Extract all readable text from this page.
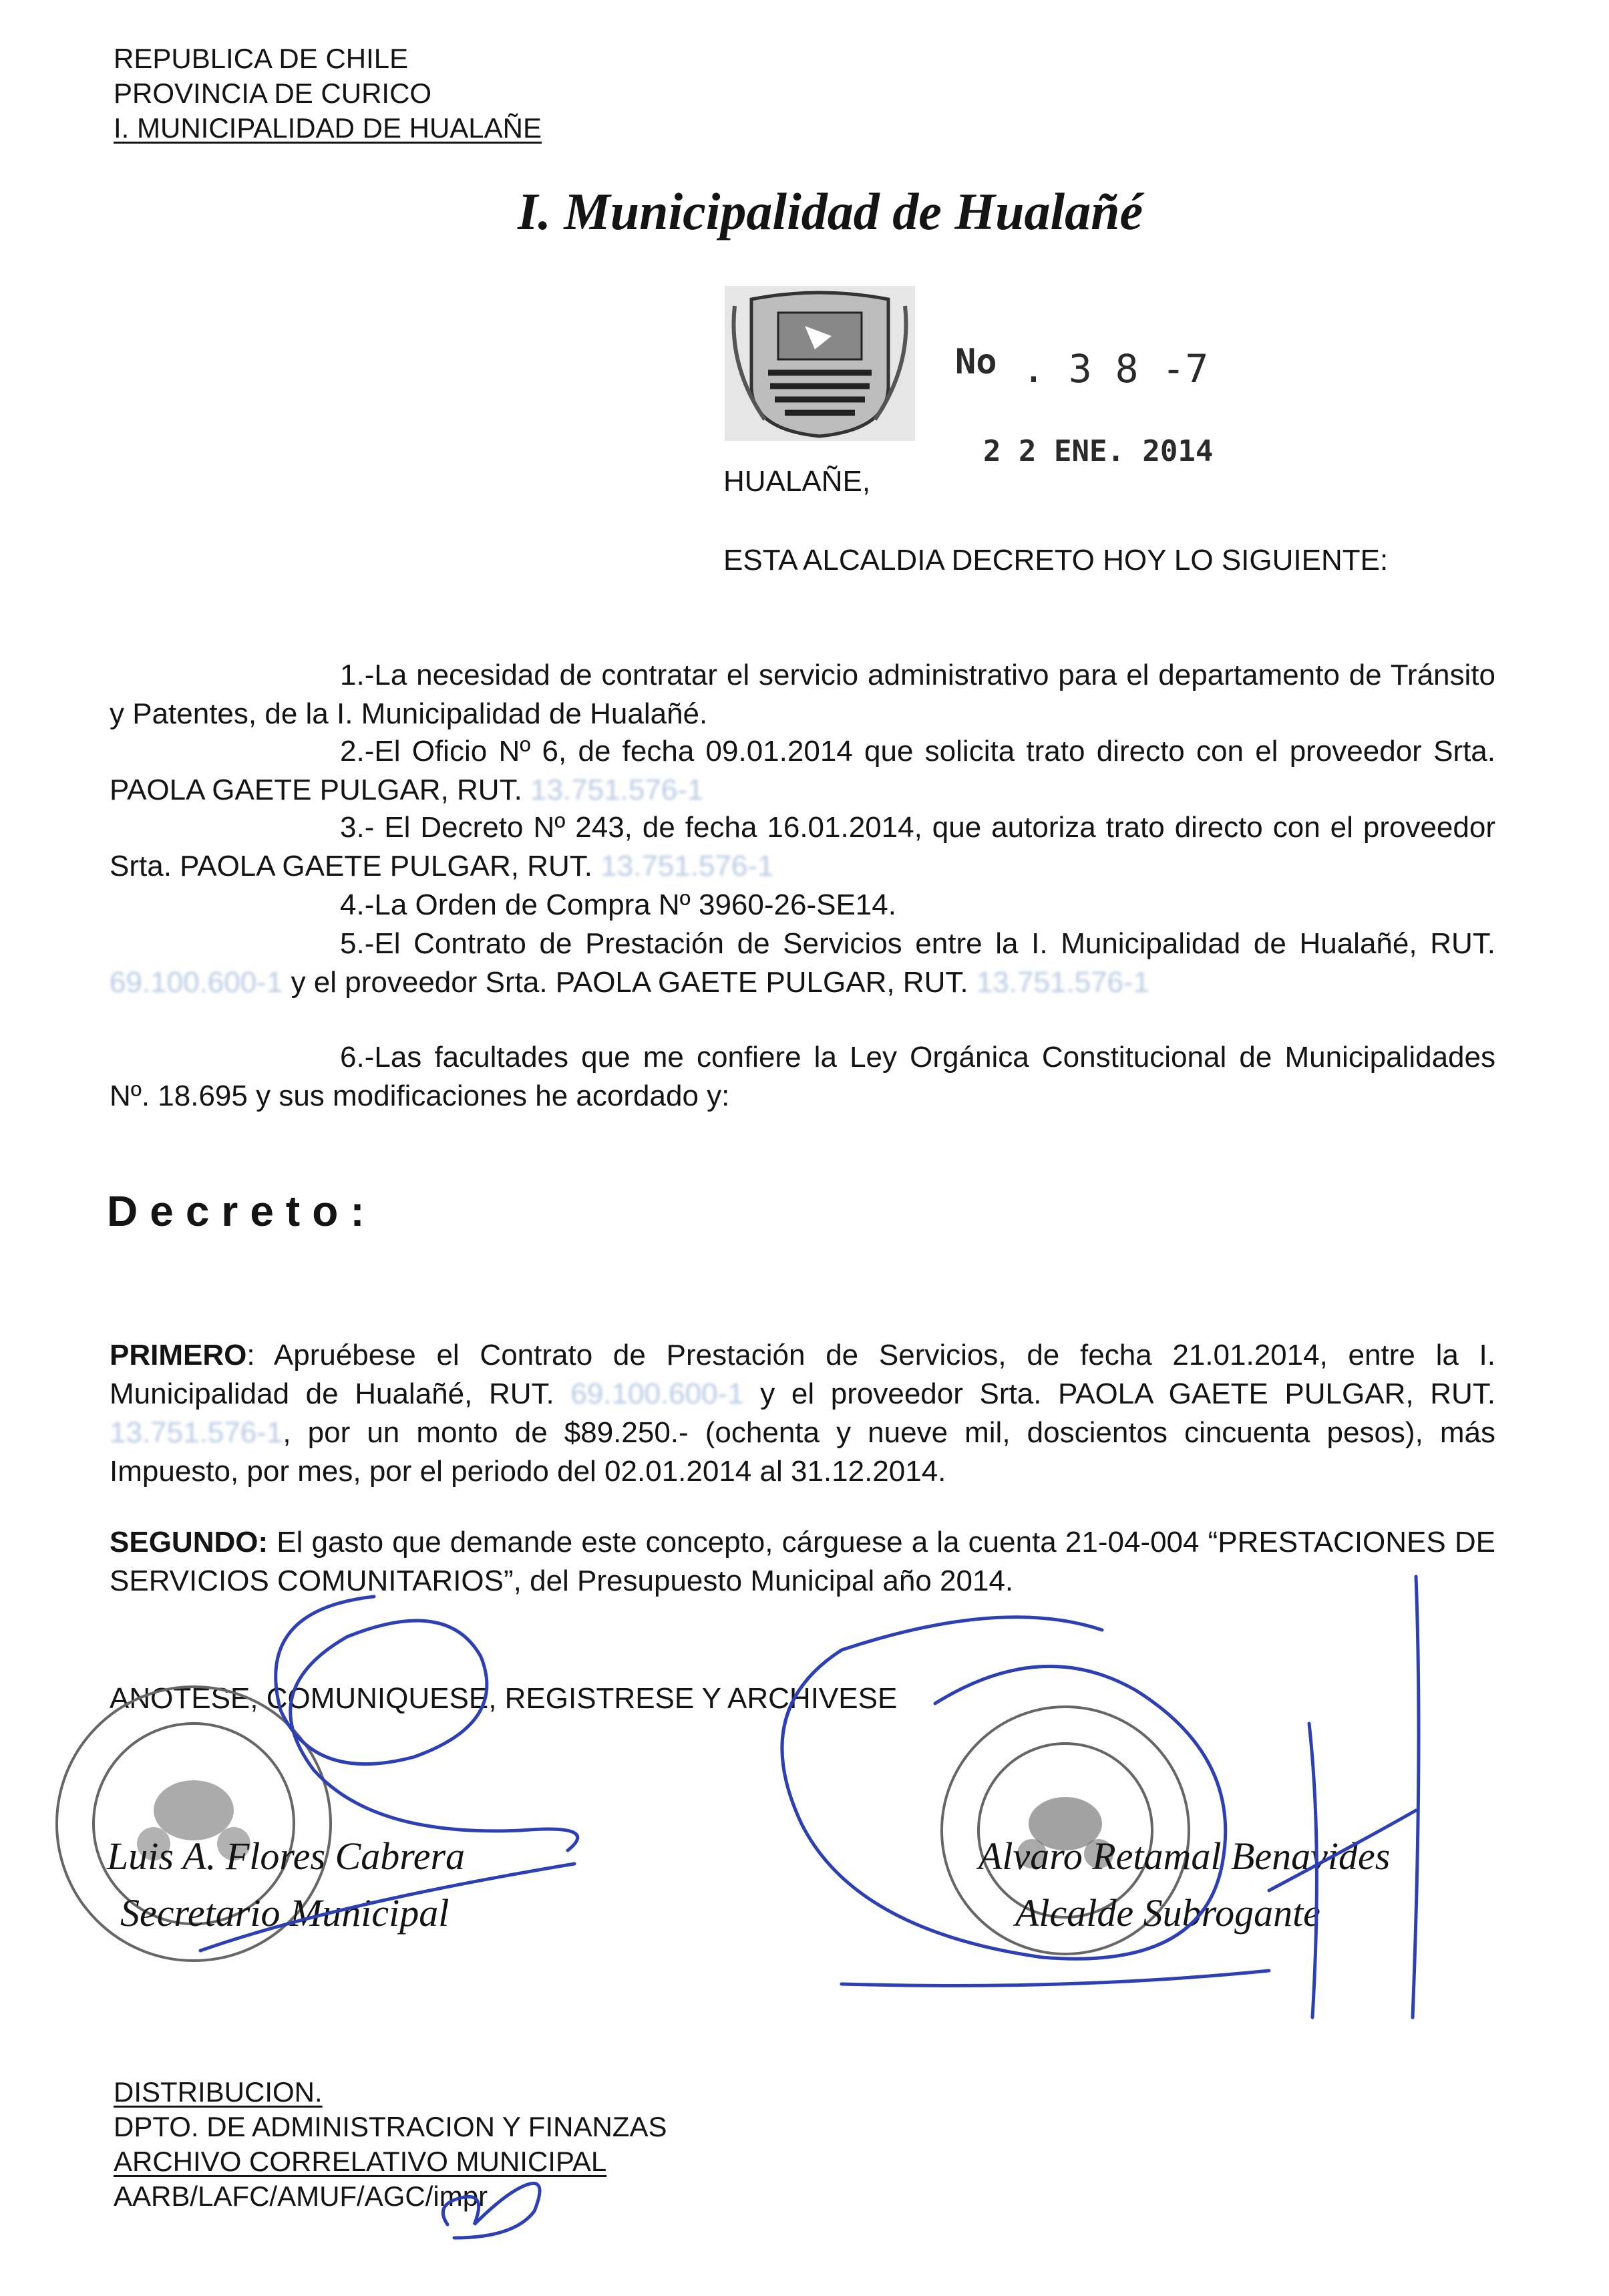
REPUBLICA DE CHILE
PROVINCIA DE CURICO
I. MUNICIPALIDAD DE HUALAÑE
I. Municipalidad de Hualañé
No . 3 8 -7
2 2 ENE. 2014
HUALAÑE,
ESTA ALCALDIA DECRETO HOY LO SIGUIENTE:
1.-La necesidad de contratar el servicio administrativo para el departamento de Tránsito y Patentes, de la I. Municipalidad de Hualañé.
2.-El Oficio Nº 6, de fecha 09.01.2014 que solicita trato directo con el proveedor Srta. PAOLA GAETE PULGAR, RUT. 13.751.576-1
3.- El Decreto Nº 243, de fecha 16.01.2014, que autoriza trato directo con el proveedor Srta. PAOLA GAETE PULGAR, RUT. 13.751.576-1
4.-La Orden de Compra Nº 3960-26-SE14.
5.-El Contrato de Prestación de Servicios entre la I. Municipalidad de Hualañé, RUT. 69.100.600-1 y el proveedor Srta. PAOLA GAETE PULGAR, RUT. 13.751.576-1
6.-Las facultades que me confiere la Ley Orgánica Constitucional de Municipalidades Nº. 18.695 y sus modificaciones he acordado y:
Decreto:
PRIMERO: Apruébese el Contrato de Prestación de Servicios, de fecha 21.01.2014, entre la I. Municipalidad de Hualañé, RUT. 69.100.600-1 y el proveedor Srta. PAOLA GAETE PULGAR, RUT. 13.751.576-1, por un monto de $89.250.- (ochenta y nueve mil, doscientos cincuenta pesos), más Impuesto, por mes, por el periodo del 02.01.2014 al 31.12.2014.
SEGUNDO: El gasto que demande este concepto, cárguese a la cuenta 21-04-004 “PRESTACIONES DE SERVICIOS COMUNITARIOS”, del Presupuesto Municipal año 2014.
ANOTESE, COMUNIQUESE, REGISTRESE Y ARCHIVESE
Luis A. Flores Cabrera
Secretario Municipal
Alvaro Retamal Benavides
Alcalde Subrogante
DISTRIBUCION.
DPTO. DE ADMINISTRACION Y FINANZAS
ARCHIVO CORRELATIVO MUNICIPAL
AARB/LAFC/AMUF/AGC/impr
